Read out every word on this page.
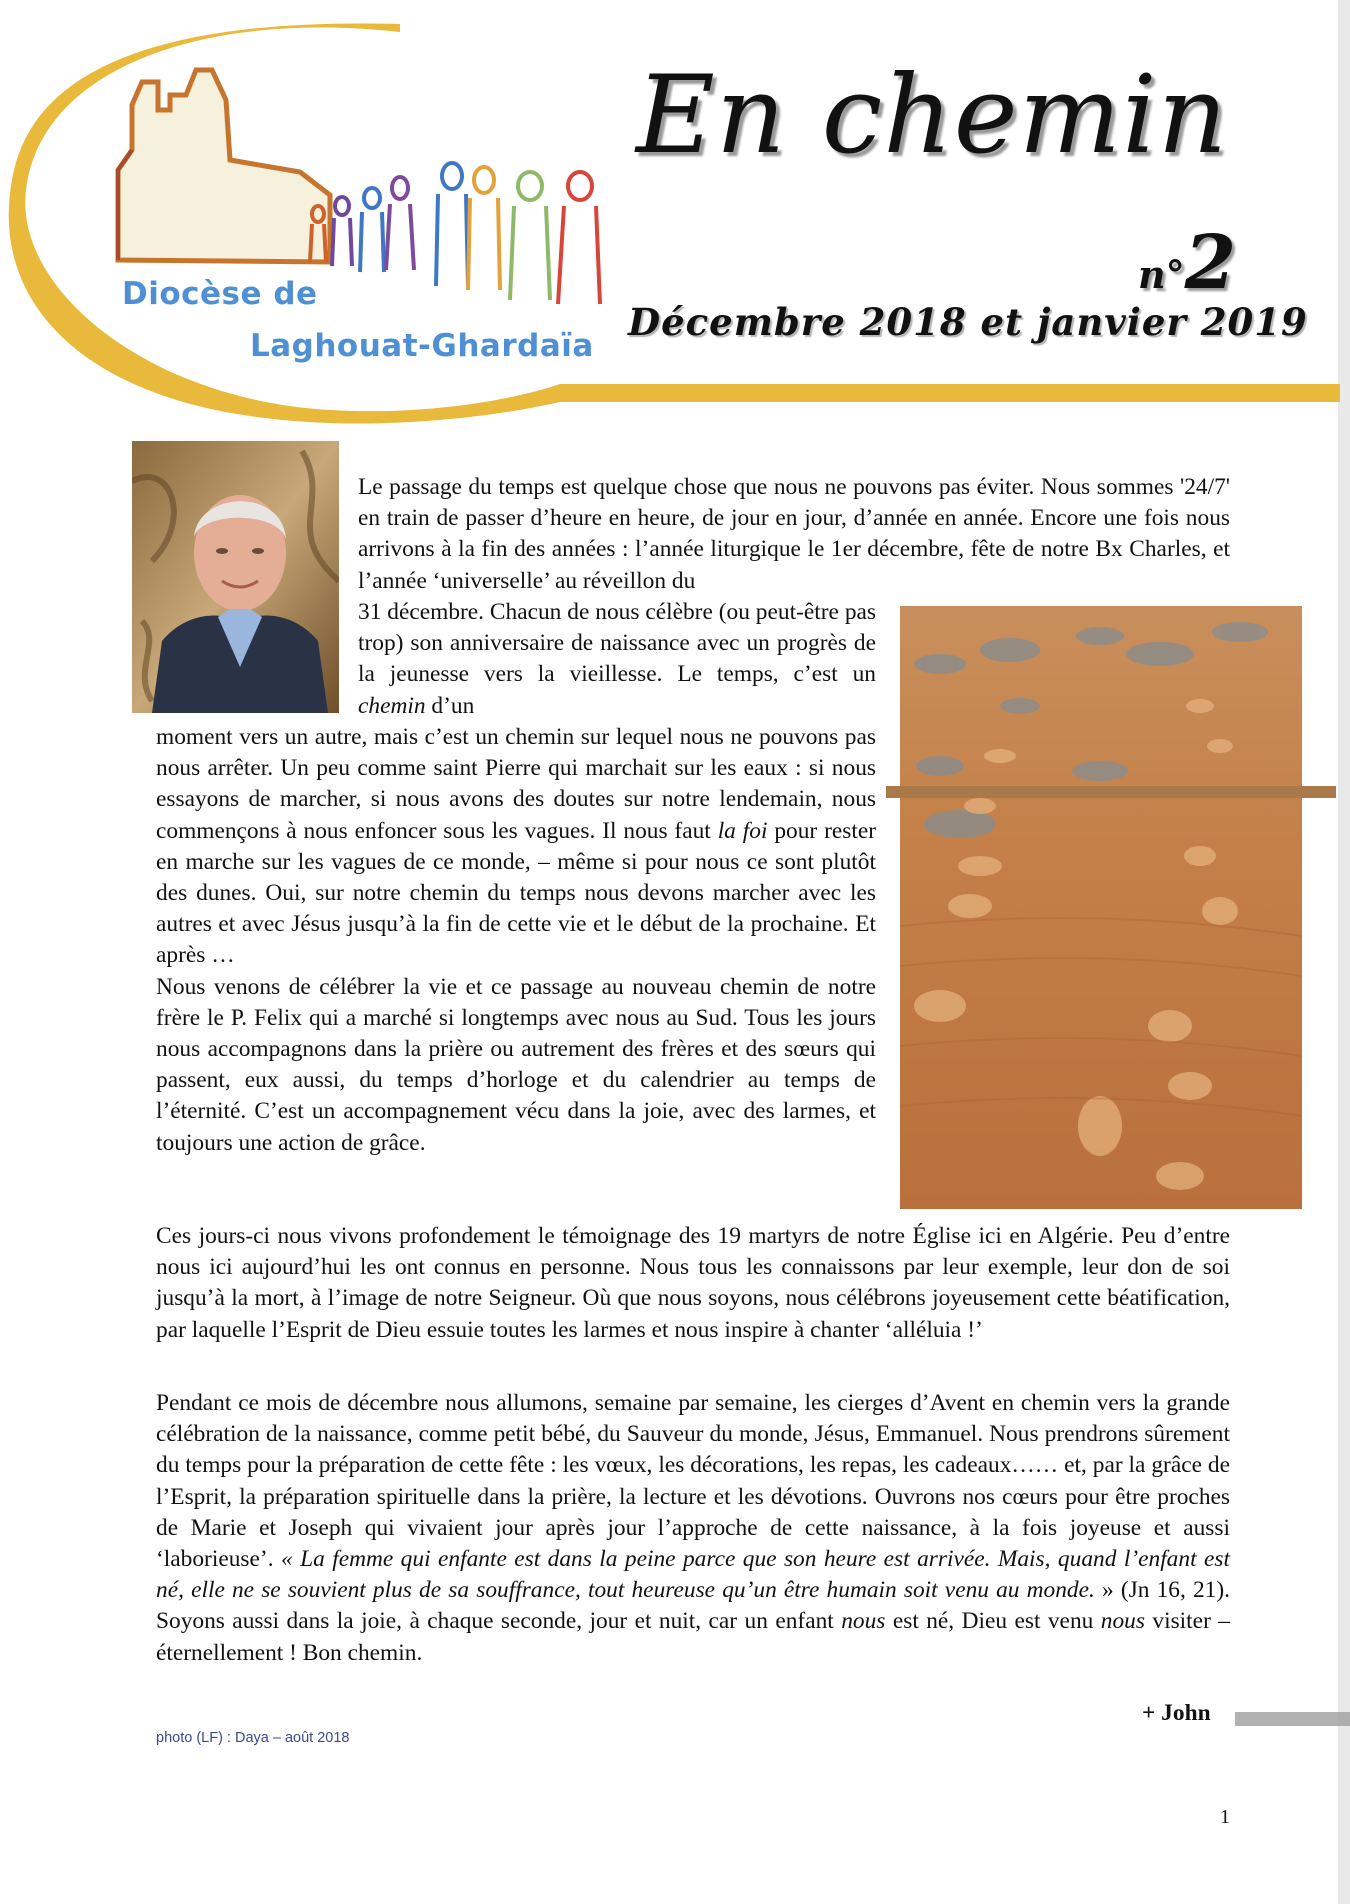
Diocèse de
Laghouat-Ghardaïa
En chemin
n°2
Décembre 2018 et janvier 2019

Le passage du temps est quelque chose que nous ne pouvons pas éviter. Nous sommes '24/7' en train de passer d’heure en heure, de jour en jour, d’année en année. Encore une fois nous arrivons à la fin des années : l’année liturgique le 1er décembre, fête de notre Bx Charles, et l’année ‘universelle’ au réveillon du

31 décembre. Chacun de nous célèbre (ou peut-être pas trop) son anniversaire de naissance avec un progrès de la jeunesse vers la vieillesse. Le temps, c’est un chemin d’un

moment vers un autre, mais c’est un chemin sur lequel nous ne pouvons pas nous arrêter. Un peu comme saint Pierre qui marchait sur les eaux : si nous essayons de marcher, si nous avons des doutes sur notre lendemain, nous commençons à nous enfoncer sous les vagues. Il nous faut la foi pour rester en marche sur les vagues de ce monde, – même si pour nous ce sont plutôt des dunes. Oui, sur notre chemin du temps nous devons marcher avec les autres et avec Jésus jusqu’à la fin de cette vie et le début de la prochaine. Et après …

Nous venons de célébrer la vie et ce passage au nouveau chemin de notre frère le P. Felix qui a marché si longtemps avec nous au Sud. Tous les jours nous accompagnons dans la prière ou autrement des frères et des sœurs qui passent, eux aussi, du temps d’horloge et du calendrier au temps de l’éternité. C’est un accompagnement vécu dans la joie, avec des larmes, et toujours une action de grâce.

Ces jours-ci nous vivons profondement le témoignage des 19 martyrs de notre Église ici en Algérie. Peu d’entre nous ici aujourd’hui les ont connus en personne. Nous tous les connaissons par leur exemple, leur don de soi jusqu’à la mort, à l’image de notre Seigneur. Où que nous soyons, nous célébrons joyeusement cette béatification, par laquelle l’Esprit de Dieu essuie toutes les larmes et nous inspire à chanter ‘alléluia !’

Pendant ce mois de décembre nous allumons, semaine par semaine, les cierges d’Avent en chemin vers la grande célébration de la naissance, comme petit bébé, du Sauveur du monde, Jésus, Emmanuel. Nous prendrons sûrement du temps pour la préparation de cette fête : les vœux, les décorations, les repas, les cadeaux…… et, par la grâce de l’Esprit, la préparation spirituelle dans la prière, la lecture et les dévotions. Ouvrons nos cœurs pour être proches de Marie et Joseph qui vivaient jour après jour l’approche de cette naissance, à la fois joyeuse et aussi ‘laborieuse’. « La femme qui enfante est dans la peine parce que son heure est arrivée. Mais, quand l’enfant est né, elle ne se souvient plus de sa souffrance, tout heureuse qu’un être humain soit venu au monde. » (Jn 16, 21). Soyons aussi dans la joie, à chaque seconde, jour et nuit, car un enfant nous est né, Dieu est venu nous visiter – éternellement ! Bon chemin.

+ John
photo (LF) : Daya – août 2018
1
